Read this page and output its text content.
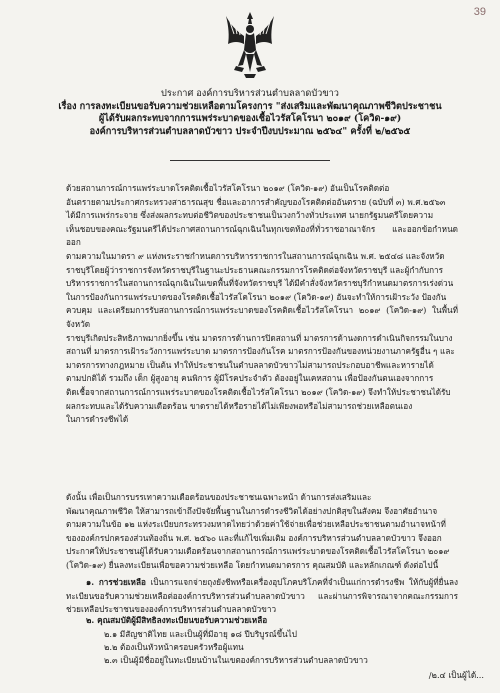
39
ประกาศ องค์การบริหารส่วนตำบลลาดบัวขาว
เรื่อง การลงทะเบียนขอรับความช่วยเหลือตามโครงการ "ส่งเสริมและพัฒนาคุณภาพชีวิตประชาชน
ผู้ได้รับผลกระทบจากการแพร่ระบาดของเชื้อไวรัสโคโรนา ๒๐๑๙ (โควิด-๑๙)
องค์การบริหารส่วนตำบลลาดบัวขาว ประจำปีงบประมาณ ๒๕๖๔" ครั้งที่ ๒/๒๕๖๕
ด้วยสถานการณ์การแพร่ระบาดโรคติดเชื้อไวรัสโคโรนา ๒๐๑๙ (โควิด-๑๙) อันเป็นโรคติดต่อ
อันตรายตามประกาศกระทรวงสาธารณสุข ชื่อและอาการสำคัญของโรคติดต่ออันตราย (ฉบับที่ ๓) พ.ศ.๒๕๖๓
ได้มีการแพร่กระจาย ซึ่งส่งผลกระทบต่อชีวิตของประชาชนเป็นวงกว้างทั่วประเทศ นายกรัฐมนตรีโดยความ
เห็นชอบของคณะรัฐมนตรีได้ประกาศสถานการณ์ฉุกเฉินในทุกเขตท้องที่ทั่วราชอาณาจักร และออกข้อกำหนดออก
ตามความในมาตรา ๙ แห่งพระราชกำหนดการบริหารราชการในสถานการณ์ฉุกเฉิน พ.ศ. ๒๕๔๘ และจังหวัด
ราชบุรีโดยผู้ว่าราชการจังหวัดราชบุรีในฐานะประธานคณะกรรมการโรคติดต่อจังหวัดราชบุรี และผู้กำกับการ
บริหารราชการในสถานการณ์ฉุกเฉินในเขตพื้นที่จังหวัดราชบุรี ได้มีคำสั่งจังหวัดราชบุรีกำหนดมาตรการเร่งด่วน
ในการป้องกันการแพร่ระบาดของโรคติดเชื้อไวรัสโคโรนา ๒๐๑๙ (โควิด-๑๙) อันจะทำให้การเฝ้าระวัง ป้องกัน
ควบคุม และเตรียมการรับสถานการณ์การแพร่ระบาดของโรคติดเชื้อไวรัสโคโรนา ๒๐๑๙ (โควิด-๑๙) ในพื้นที่จังหวัด
ราชบุรีเกิดประสิทธิภาพมากยิ่งขึ้น เช่น มาตรการด้านการปิดสถานที่ มาตรการด้านงดการดำเนินกิจกรรมในบาง
สถานที่ มาตรการเฝ้าระวังการแพร่ระบาด มาตรการป้องกันโรค มาตรการป้องกันของหน่วยงานภาครัฐอื่น ๆ และ
มาตรการทางกฎหมาย เป็นต้น ทำให้ประชาชนในตำบลลาดบัวขาวไม่สามารถประกอบอาชีพและหารายได้
ตามปกติได้ รวมถึง เด็ก ผู้สูงอายุ คนพิการ ผู้มีโรคประจำตัว ต้องอยู่ในเคหสถาน เพื่อป้องกันตนเองจากการ
ติดเชื้อจากสถานการณ์การแพร่ระบาดของโรคติดเชื้อไวรัสโคโรนา ๒๐๑๙ (โควิด-๑๙) จึงทำให้ประชาชนได้รับ
ผลกระทบและได้รับความเดือดร้อน ขาดรายได้หรือรายได้ไม่เพียงพอหรือไม่สามารถช่วยเหลือตนเอง
ในการดำรงชีพได้
ดังนั้น เพื่อเป็นการบรรเทาความเดือดร้อนของประชาชนเฉพาะหน้า ด้านการส่งเสริมและ
พัฒนาคุณภาพชีวิต ให้สามารถเข้าถึงปัจจัยพื้นฐานในการดำรงชีวิตได้อย่างปกติสุขในสังคม จึงอาศัยอำนาจ
ตามความในข้อ ๑๒ แห่งระเบียบกระทรวงมหาดไทยว่าด้วยค่าใช้จ่ายเพื่อช่วยเหลือประชาชนตามอำนาจหน้าที่
ขององค์กรปกครองส่วนท้องถิ่น พ.ศ. ๒๕๖๐ และที่แก้ไขเพิ่มเติม องค์การบริหารส่วนตำบลลาดบัวขาว จึงออก
ประกาศให้ประชาชนผู้ได้รับความเดือดร้อนจากสถานการณ์การแพร่ระบาดของโรคติดเชื้อไวรัสโคโรนา ๒๐๑๙
(โควิด-๑๙) ยื่นลงทะเบียนเพื่อขอความช่วยเหลือ โดยกำหนดมาตรการ คุณสมบัติ และหลักเกณฑ์ ดังต่อไปนี้
๑. การช่วยเหลือ เป็นการแจกจ่ายถุงยังชีพหรือเครื่องอุปโภคบริโภคที่จำเป็นแก่การดำรงชีพ ให้กับผู้ที่ยื่นลงทะเบียนขอรับความช่วยเหลือต่อองค์การบริหารส่วนตำบลลาดบัวขาว และผ่านการพิจารณาจากคณะกรรมการช่วยเหลือประชาชนขององค์การบริหารส่วนตำบลลาดบัวขาว
๒. คุณสมบัติผู้มีสิทธิลงทะเบียนขอรับความช่วยเหลือ
๒.๑ มีสัญชาติไทย และเป็นผู้ที่มีอายุ ๑๘ ปีบริบูรณ์ขึ้นไป
๒.๒ ต้องเป็นหัวหน้าครอบครัวหรือผู้แทน
๒.๓ เป็นผู้มีชื่ออยู่ในทะเบียนบ้านในเขตองค์การบริหารส่วนตำบลลาดบัวขาว
/๒.๔ เป็นผู้ได้...
